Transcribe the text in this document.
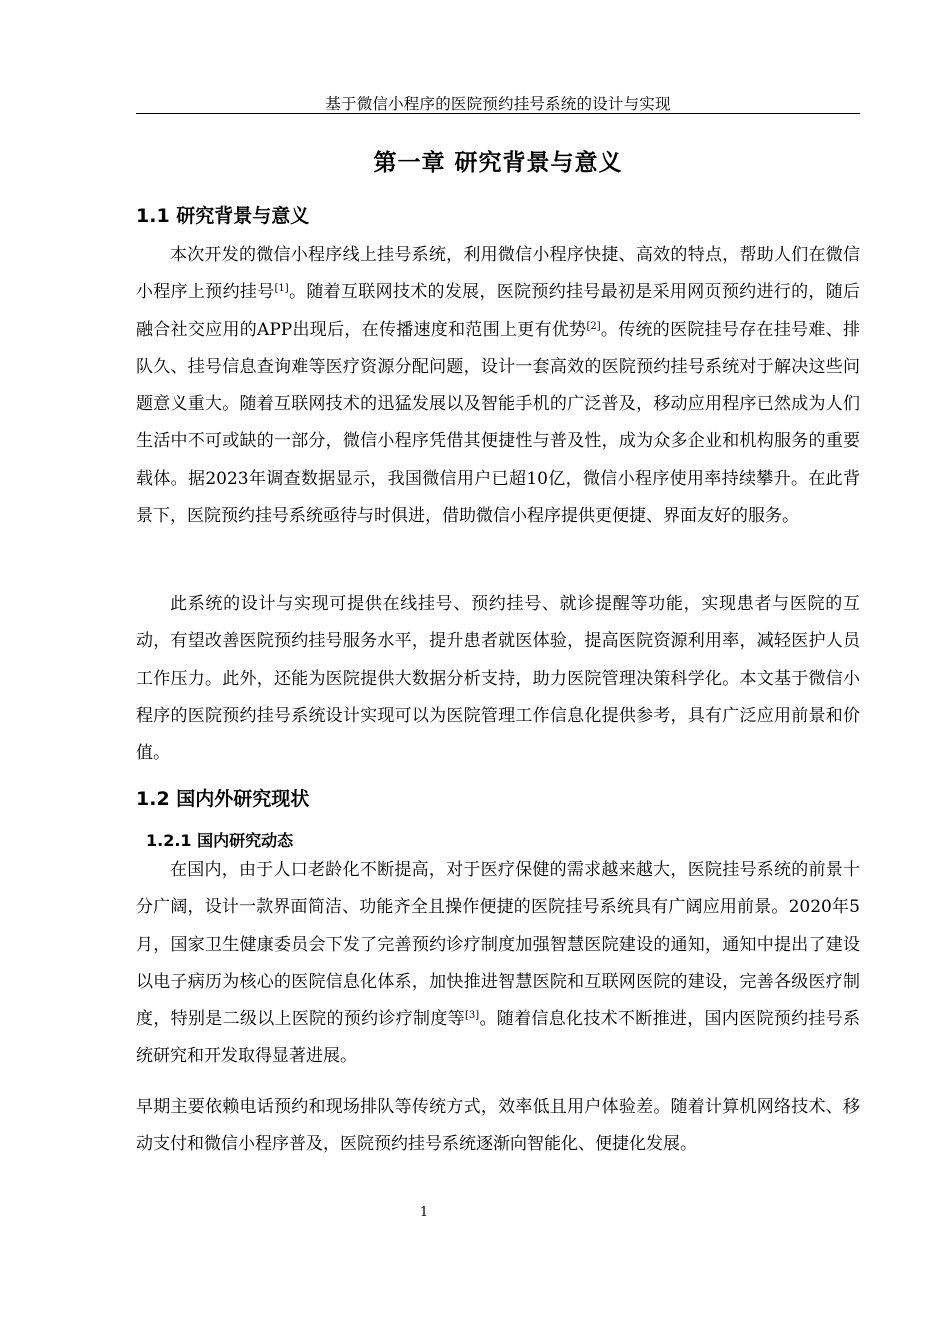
基于微信小程序的医院预约挂号系统的设计与实现
第一章 研究背景与意义
1.1 研究背景与意义

本次开发的微信小程序线上挂号系统，利用微信小程序快捷、高效的特点，帮助人们在微信小程序上预约挂号[1]。随着互联网技术的发展，医院预约挂号最初是采用网页预约进行的，随后融合社交应用的APP出现后，在传播速度和范围上更有优势[2]。传统的医院挂号存在挂号难、排队久、挂号信息查询难等医疗资源分配问题，设计一套高效的医院预约挂号系统对于解决这些问题意义重大。随着互联网技术的迅猛发展以及智能手机的广泛普及，移动应用程序已然成为人们生活中不可或缺的一部分，微信小程序凭借其便捷性与普及性，成为众多企业和机构服务的重要载体。据2023年调查数据显示，我国微信用户已超10亿，微信小程序使用率持续攀升。在此背景下，医院预约挂号系统亟待与时俱进，借助微信小程序提供更便捷、界面友好的服务。

此系统的设计与实现可提供在线挂号、预约挂号、就诊提醒等功能，实现患者与医院的互动，有望改善医院预约挂号服务水平，提升患者就医体验，提高医院资源利用率，减轻医护人员工作压力。此外，还能为医院提供大数据分析支持，助力医院管理决策科学化。本文基于微信小程序的医院预约挂号系统设计实现可以为医院管理工作信息化提供参考，具有广泛应用前景和价值。

1.2 国内外研究现状
1.2.1 国内研究动态

在国内，由于人口老龄化不断提高，对于医疗保健的需求越来越大，医院挂号系统的前景十分广阔，设计一款界面简洁、功能齐全且操作便捷的医院挂号系统具有广阔应用前景。2020年5月，国家卫生健康委员会下发了完善预约诊疗制度加强智慧医院建设的通知，通知中提出了建设以电子病历为核心的医院信息化体系，加快推进智慧医院和互联网医院的建设，完善各级医疗制度，特别是二级以上医院的预约诊疗制度等[3]。随着信息化技术不断推进，国内医院预约挂号系统研究和开发取得显著进展。

早期主要依赖电话预约和现场排队等传统方式，效率低且用户体验差。随着计算机网络技术、移动支付和微信小程序普及，医院预约挂号系统逐渐向智能化、便捷化发展。

1
